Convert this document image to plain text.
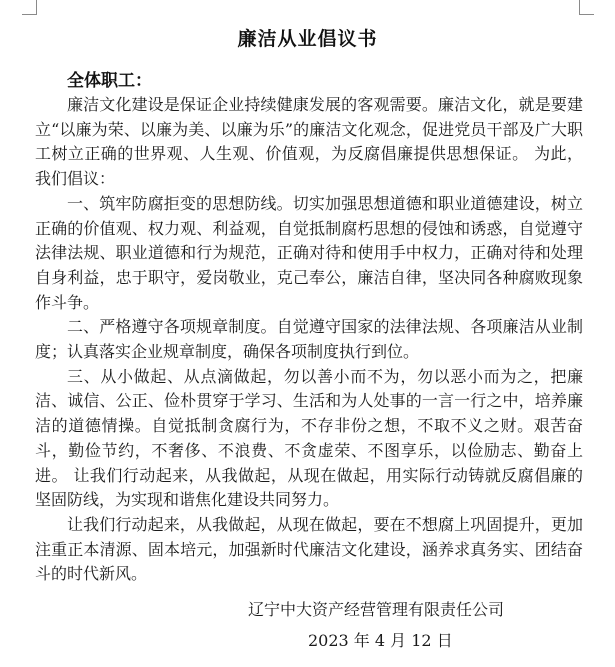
廉洁从业倡议书
全体职工：

廉洁文化建设是保证企业持续健康发展的客观需要。廉洁文化，就是要建立“以廉为荣、以廉为美、以廉为乐”的廉洁文化观念，促进党员干部及广大职工树立正确的世界观、人生观、价值观，为反腐倡廉提供思想保证。 为此，我们倡议：

一、筑牢防腐拒变的思想防线。切实加强思想道德和职业道德建设，树立正确的价值观、权力观、利益观，自觉抵制腐朽思想的侵蚀和诱惑，自觉遵守法律法规、职业道德和行为规范，正确对待和使用手中权力，正确对待和处理自身利益，忠于职守，爱岗敬业，克己奉公，廉洁自律，坚决同各种腐败现象作斗争。

二、严格遵守各项规章制度。自觉遵守国家的法律法规、各项廉洁从业制度；认真落实企业规章制度，确保各项制度执行到位。

三、从小做起、从点滴做起，勿以善小而不为，勿以恶小而为之，把廉洁、诚信、公正、俭朴贯穿于学习、生活和为人处事的一言一行之中，培养廉洁的道德情操。自觉抵制贪腐行为，不存非份之想，不取不义之财。艰苦奋斗，勤俭节约，不奢侈、不浪费、不贪虚荣、不图享乐，以俭励志、勤奋上进。 让我们行动起来，从我做起，从现在做起，用实际行动铸就反腐倡廉的坚固防线，为实现和谐焦化建设共同努力。

让我们行动起来，从我做起，从现在做起，要在不想腐上巩固提升，更加注重正本清源、固本培元，加强新时代廉洁文化建设，涵养求真务实、团结奋斗的时代新风。

辽宁中大资产经营管理有限责任公司
2023 年 4 月 12 日
